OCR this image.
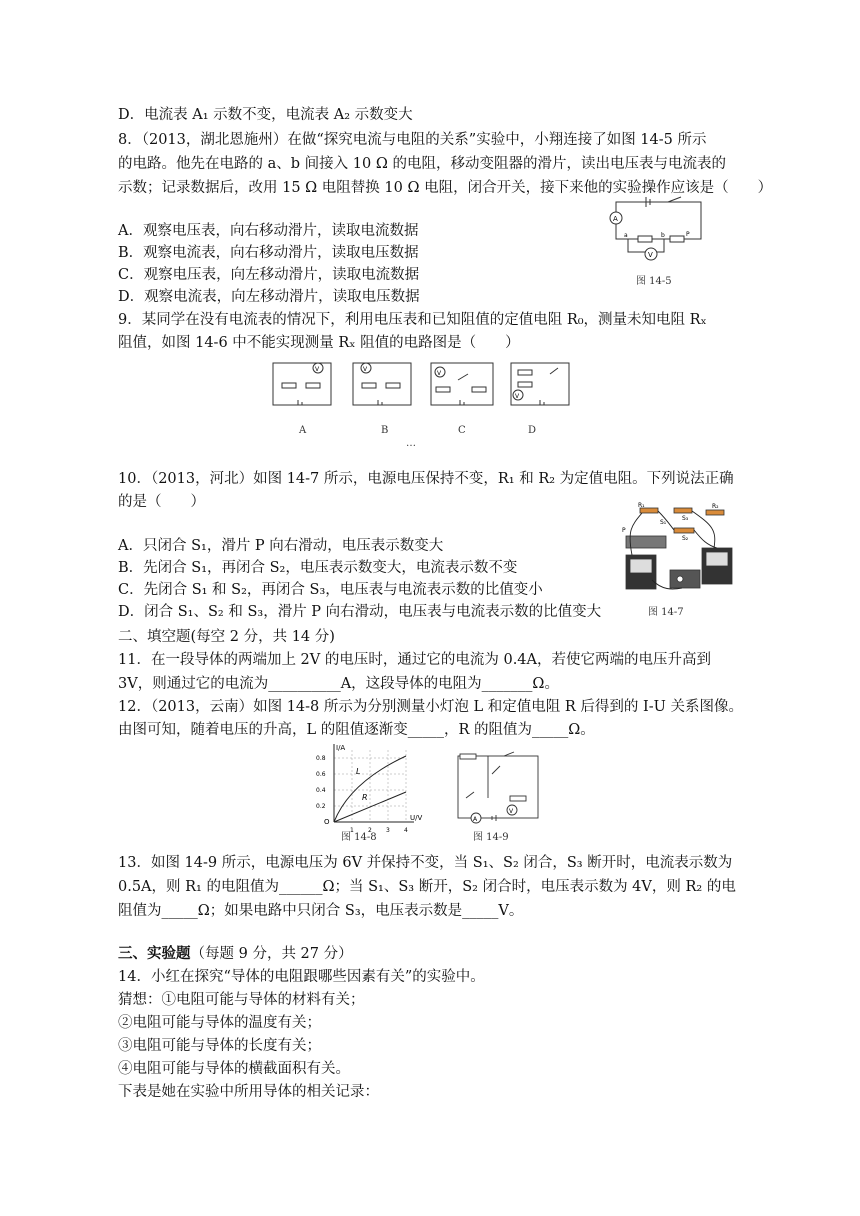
D．电流表 A₁ 示数不变，电流表 A₂ 示数变大
8．（2013，湖北恩施州）在做“探究电流与电阻的关系”实验中，小翔连接了如图 14-5 所示
的电路。他先在电路的 a、b 间接入 10 Ω 的电阻，移动变阻器的滑片，读出电压表与电流表的
示数；记录数据后，改用 15 Ω 电阻替换 10 Ω 电阻，闭合开关，接下来他的实验操作应该是（　　）
A．观察电压表，向右移动滑片，读取电流数据
B．观察电流表，向右移动滑片，读取电压数据
C．观察电压表，向左移动滑片，读取电流数据
D．观察电流表，向左移动滑片，读取电压数据
9．某同学在没有电流表的情况下，利用电压表和已知阻值的定值电阻 R₀，测量未知电阻 Rₓ
阻值，如图 14-6 中不能实现测量 Rₓ 阻值的电路图是（　　）
A
V
a	b	P
图 14-5
V	V
V
V
A	B	C	D
…
10．（2013，河北）如图 14-7 所示，电源电压保持不变，R₁ 和 R₂ 为定值电阻。下列说法正确
的是（　　）
A．只闭合 S₁，滑片 P 向右滑动，电压表示数变大
B．先闭合 S₁，再闭合 S₂，电压表示数变大，电流表示数不变
C．先闭合 S₁ 和 S₂，再闭合 S₃，电压表与电流表示数的比值变小
D．闭合 S₁、S₂ 和 S₃，滑片 P 向右滑动，电压表与电流表示数的比值变大
R₁	R₂
S₁
S₂
S₃
P
图 14-7
二、填空题(每空 2 分，共 14 分)
11．在一段导体的两端加上 2V 的电压时，通过它的电流为 0.4A，若使它两端的电压升高到
3V，则通过它的电流为__________A，这段导体的电阻为_______Ω。
12．（2013，云南）如图 14-8 所示为分别测量小灯泡 L 和定值电阻 R 后得到的 I-U 关系图像。
由图可知，随着电压的升高，L 的阻值逐渐变_____，R 的阻值为_____Ω。
I/A
U/V
O
0.8
0.6
0.4
0.2
1 2 3 4
L
R
图 14-8
A
V
图 14-9
13．如图 14-9 所示，电源电压为 6V 并保持不变，当 S₁、S₂ 闭合，S₃ 断开时，电流表示数为
0.5A，则 R₁ 的电阻值为______Ω；当 S₁、S₃ 断开，S₂ 闭合时，电压表示数为 4V，则 R₂ 的电
阻值为_____Ω；如果电路中只闭合 S₃，电压表示数是_____V。
三、实验题（每题 9 分，共 27 分）
14．小红在探究“导体的电阻跟哪些因素有关”的实验中。
猜想：①电阻可能与导体的材料有关；
②电阻可能与导体的温度有关；
③电阻可能与导体的长度有关；
④电阻可能与导体的横截面积有关。
下表是她在实验中所用导体的相关记录：
